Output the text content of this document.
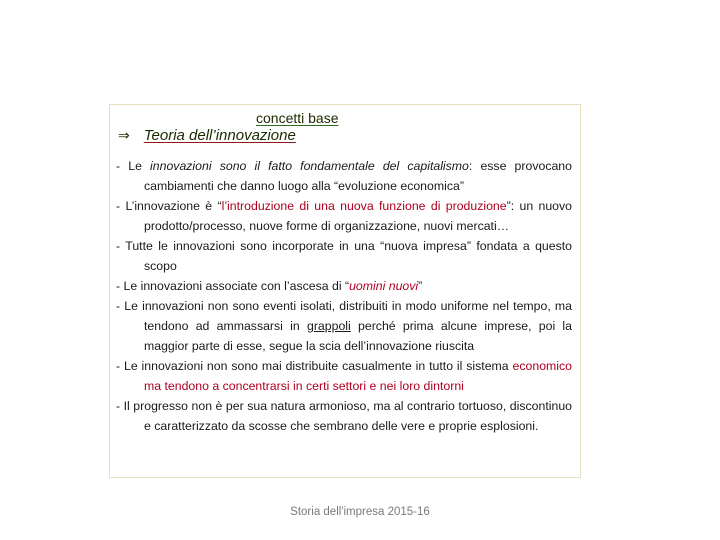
concetti base
⇒ Teoria dell’innovazione

- Le innovazioni sono il fatto fondamentale del capitalismo: esse provocano cambiamenti che danno luogo alla “evoluzione economica”

- L’innovazione è “l’introduzione di una nuova funzione di produzione”: un nuovo prodotto/processo, nuove forme di organizzazione, nuovi mercati…

- Tutte le innovazioni sono incorporate in una “nuova impresa” fondata a questo scopo

- Le innovazioni associate con l’ascesa di “uomini nuovi”

- Le innovazioni non sono eventi isolati, distribuiti in modo uniforme nel tempo, ma tendono ad ammassarsi in grappoli perché prima alcune imprese, poi la maggior parte di esse, segue la scia dell’innovazione riuscita

- Le innovazioni non sono mai distribuite casualmente in tutto il sistema economico ma tendono a concentrarsi in certi settori e nei loro dintorni

- Il progresso non è per sua natura armonioso, ma al contrario tortuoso, discontinuo e caratterizzato da scosse che sembrano delle vere e proprie esplosioni.

Storia dell'impresa 2015-16
